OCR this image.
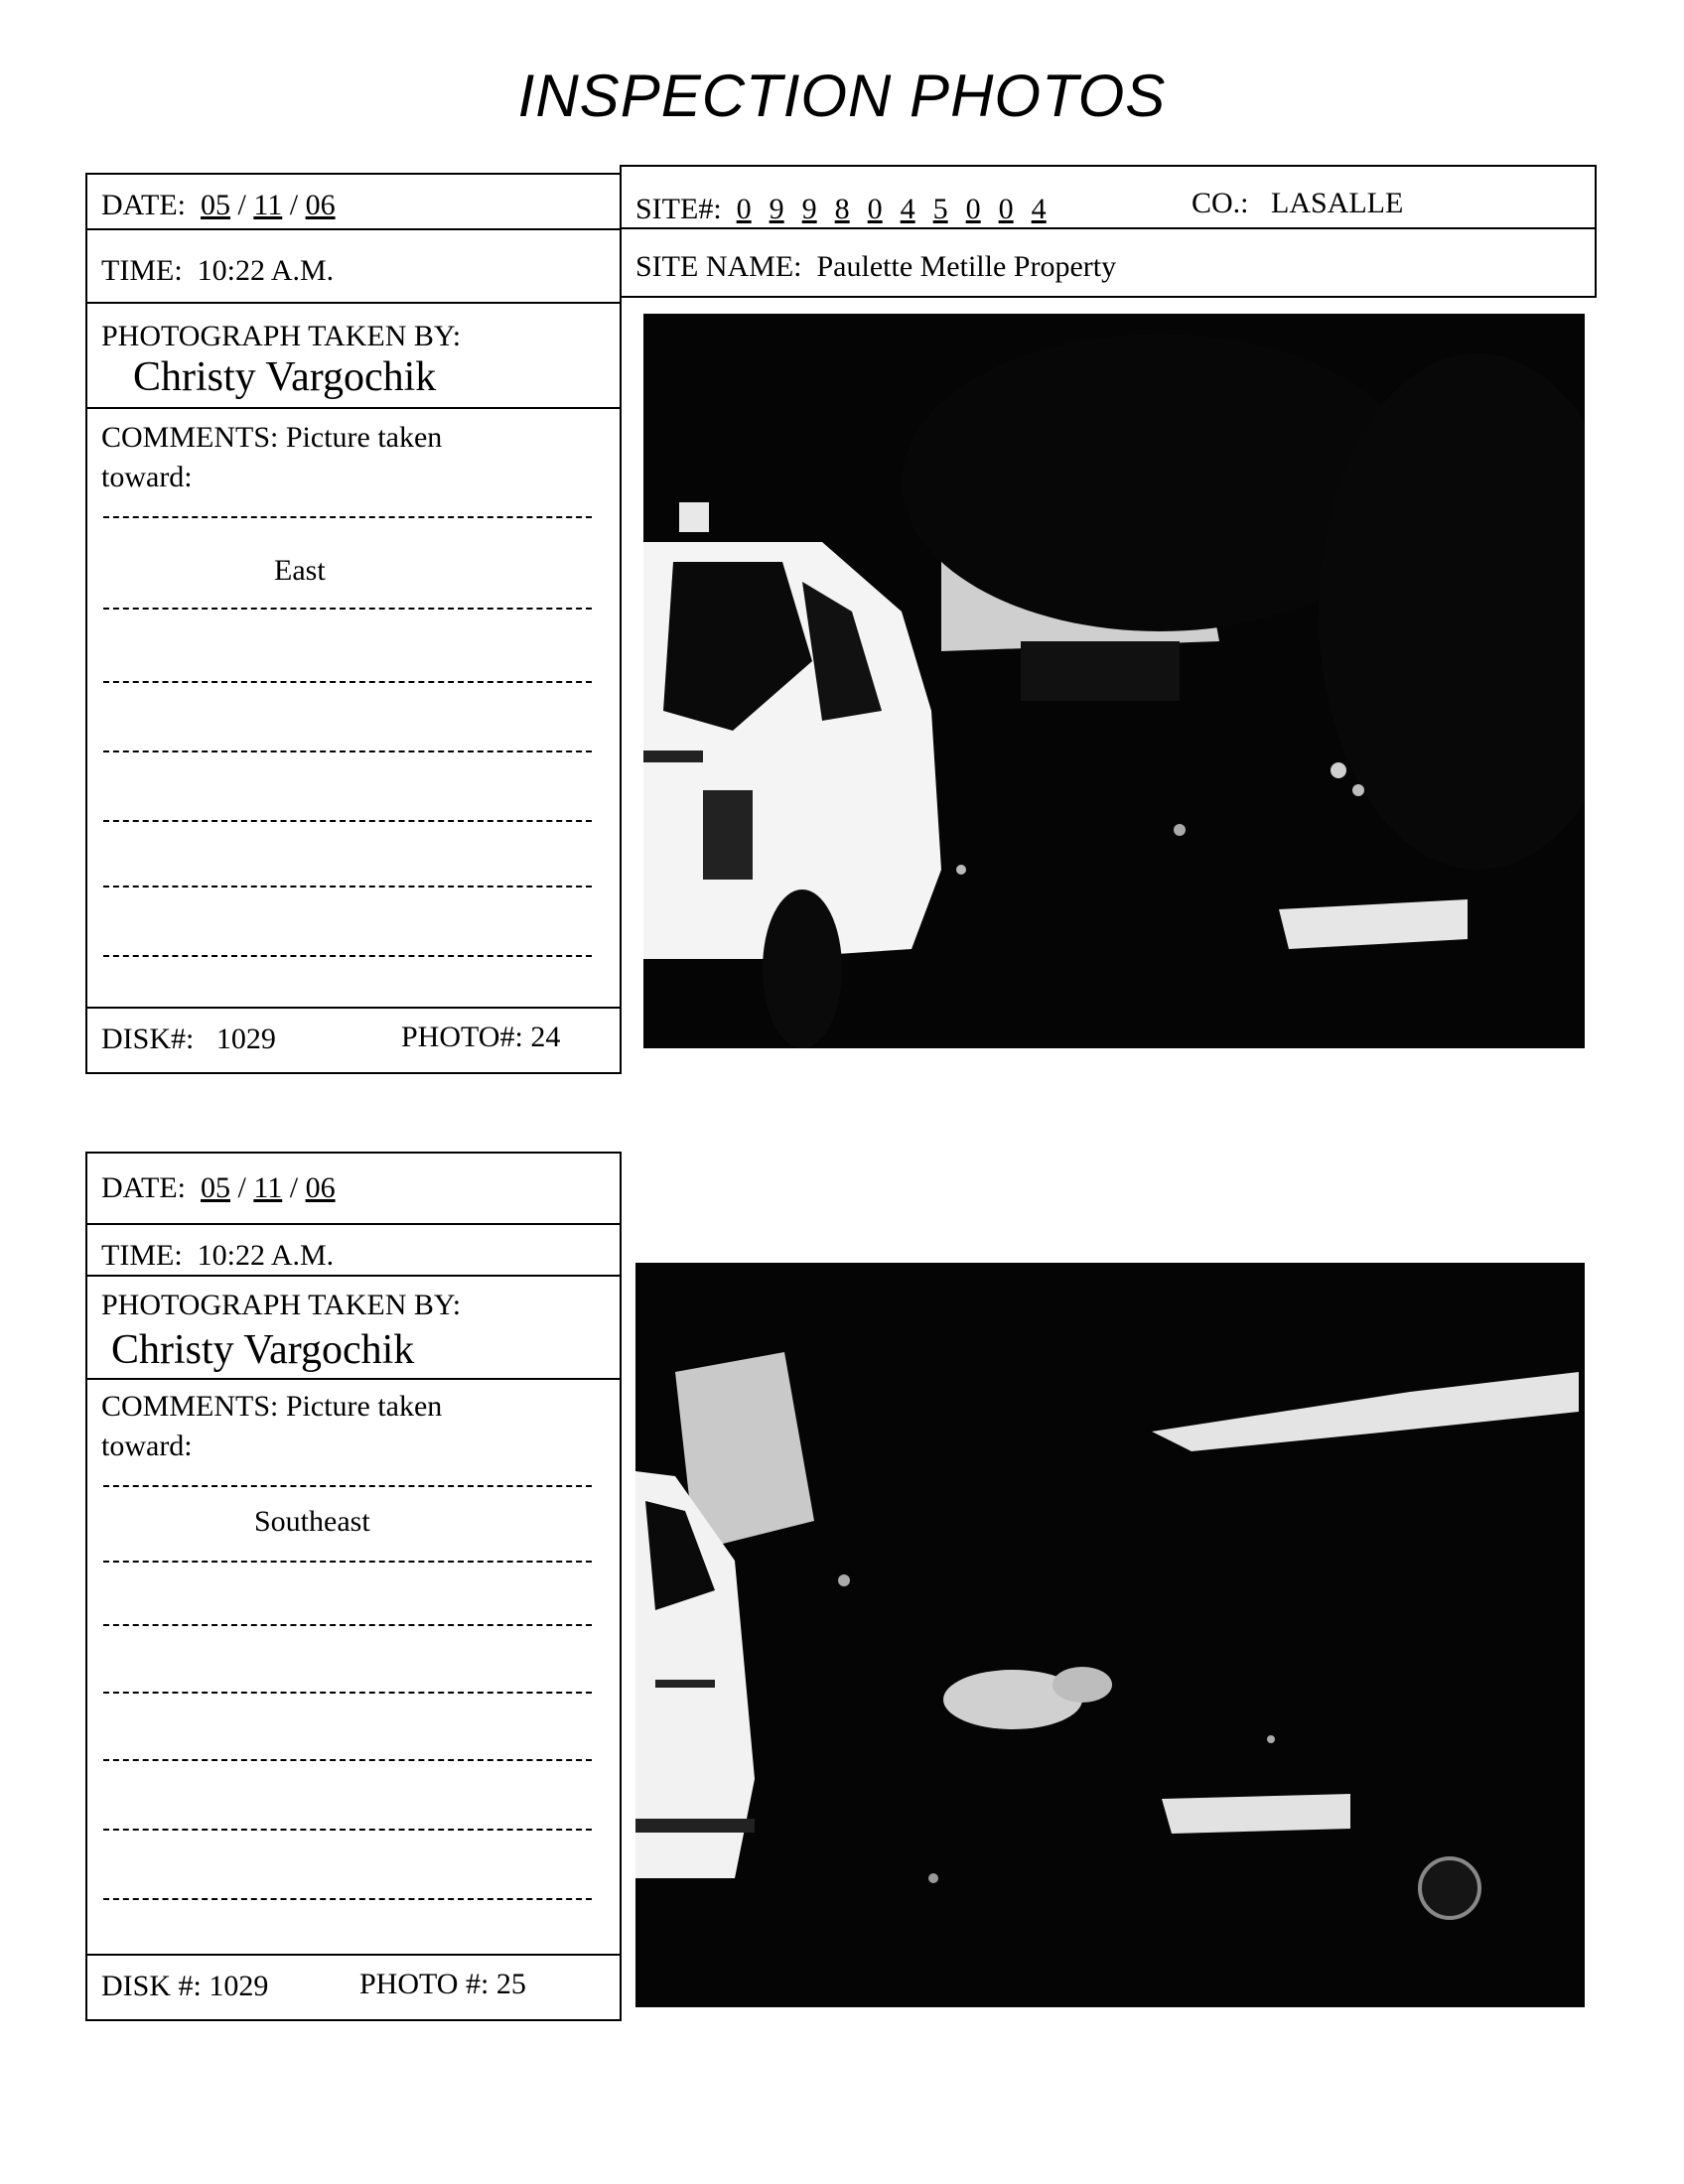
INSPECTION PHOTOS
DATE: 05 / 11 / 06	SITE#: 0 9 9 8 0 4 5 0 0 4	CO.: LASALLE
SITE NAME: Paulette Metille Property
TIME: 10:22 A.M.
PHOTOGRAPH TAKEN BY:
Christy Vargochik
COMMENTS: Picture taken
toward:
East
DISK#: 1029	PHOTO#: 24
DATE: 05 / 11 / 06
TIME: 10:22 A.M.
PHOTOGRAPH TAKEN BY:
Christy Vargochik
COMMENTS: Picture taken
toward:
Southeast
DISK #: 1029	PHOTO #: 25
